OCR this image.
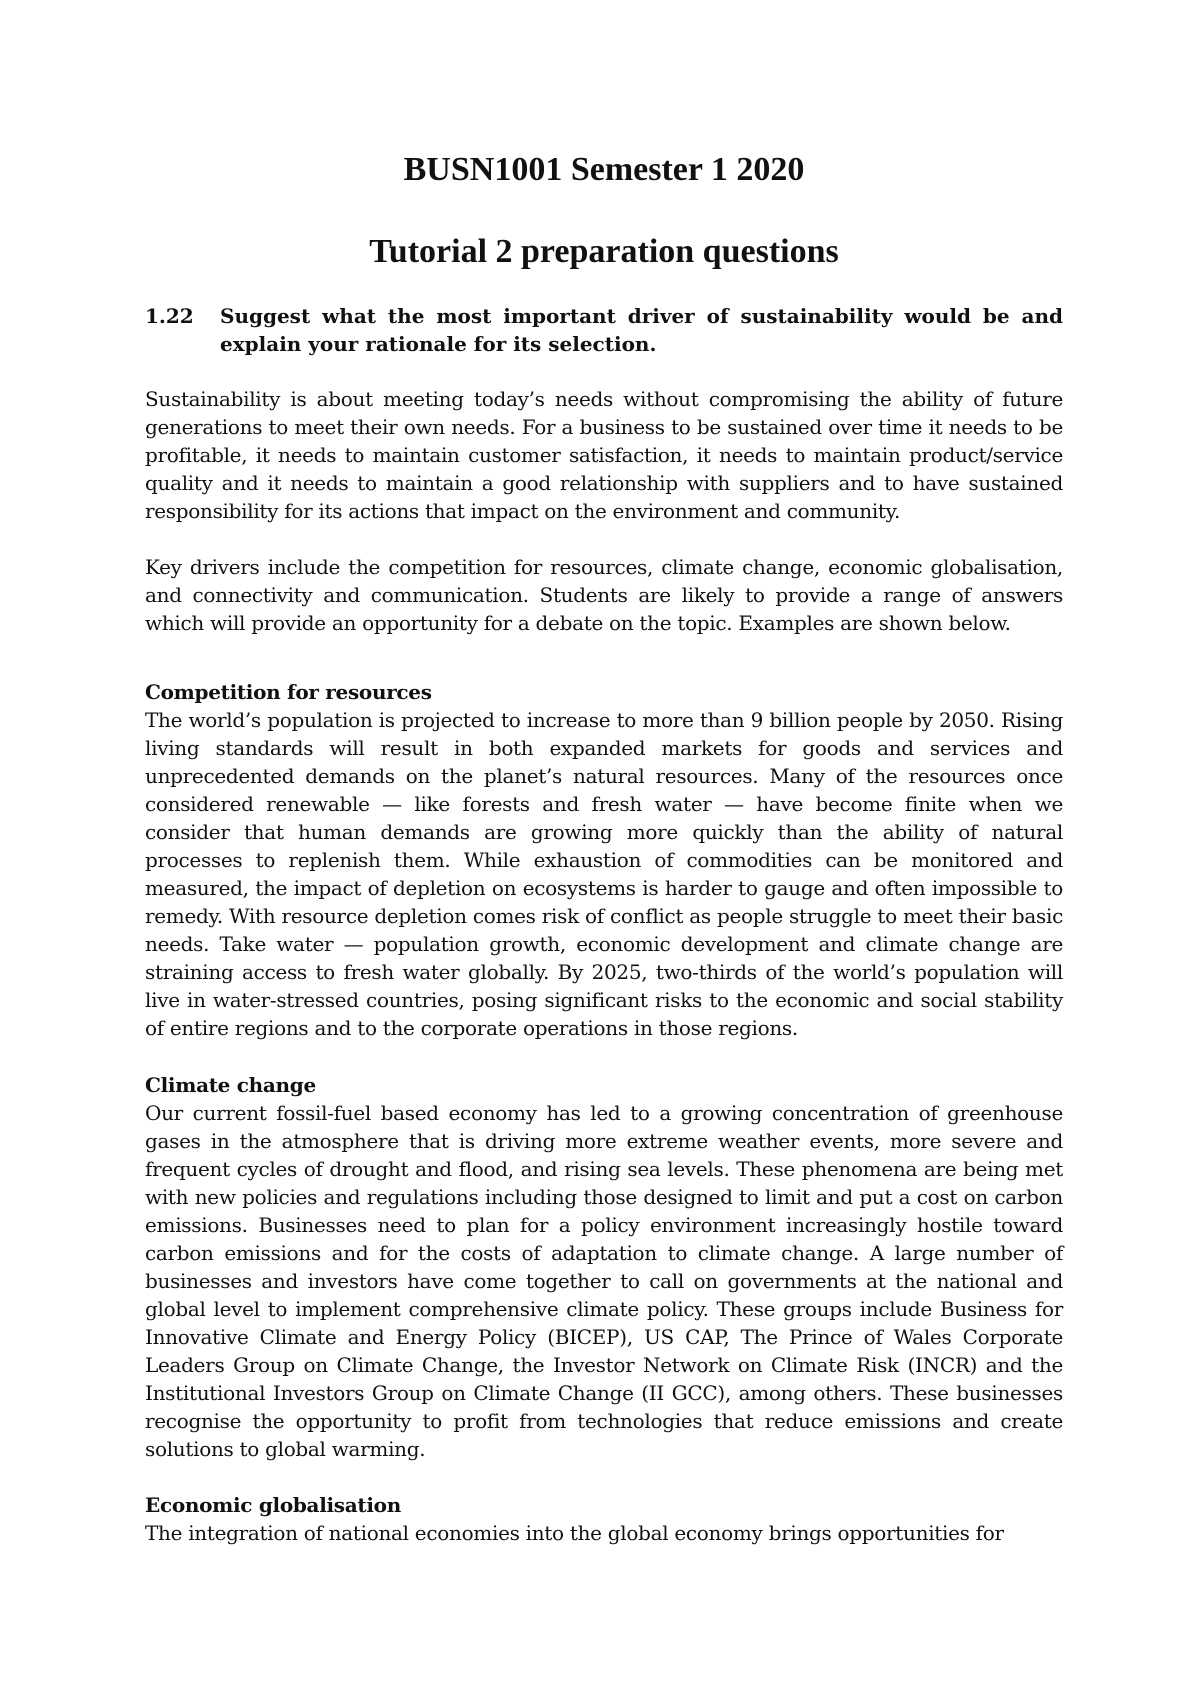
BUSN1001 Semester 1 2020
Tutorial 2 preparation questions
1.22 Suggest what the most important driver of sustainability would be and explain your rationale for its selection.

Sustainability is about meeting today’s needs without compromising the ability of future generations to meet their own needs. For a business to be sustained over time it needs to be profitable, it needs to maintain customer satisfaction, it needs to maintain product/service quality and it needs to maintain a good relationship with suppliers and to have sustained responsibility for its actions that impact on the environment and community.

Key drivers include the competition for resources, climate change, economic globalisation, and connectivity and communication. Students are likely to provide a range of answers which will provide an opportunity for a debate on the topic. Examples are shown below.

Competition for resources
The world’s population is projected to increase to more than 9 billion people by 2050. Rising living standards will result in both expanded markets for goods and services and unprecedented demands on the planet’s natural resources. Many of the resources once considered renewable — like forests and fresh water — have become finite when we consider that human demands are growing more quickly than the ability of natural processes to replenish them. While exhaustion of commodities can be monitored and measured, the impact of depletion on ecosystems is harder to gauge and often impossible to remedy. With resource depletion comes risk of conflict as people struggle to meet their basic needs. Take water — population growth, economic development and climate change are straining access to fresh water globally. By 2025, two-thirds of the world’s population will live in water-stressed countries, posing significant risks to the economic and social stability of entire regions and to the corporate operations in those regions.
Climate change
Our current fossil-fuel based economy has led to a growing concentration of greenhouse gases in the atmosphere that is driving more extreme weather events, more severe and frequent cycles of drought and flood, and rising sea levels. These phenomena are being met with new policies and regulations including those designed to limit and put a cost on carbon emissions. Businesses need to plan for a policy environment increasingly hostile toward carbon emissions and for the costs of adaptation to climate change. A large number of businesses and investors have come together to call on governments at the national and global level to implement comprehensive climate policy. These groups include Business for Innovative Climate and Energy Policy (BICEP), US CAP, The Prince of Wales Corporate Leaders Group on Climate Change, the Investor Network on Climate Risk (INCR) and the Institutional Investors Group on Climate Change (II GCC), among others. These businesses recognise the opportunity to profit from technologies that reduce emissions and create solutions to global warming.
Economic globalisation
The integration of national economies into the global economy brings opportunities for
